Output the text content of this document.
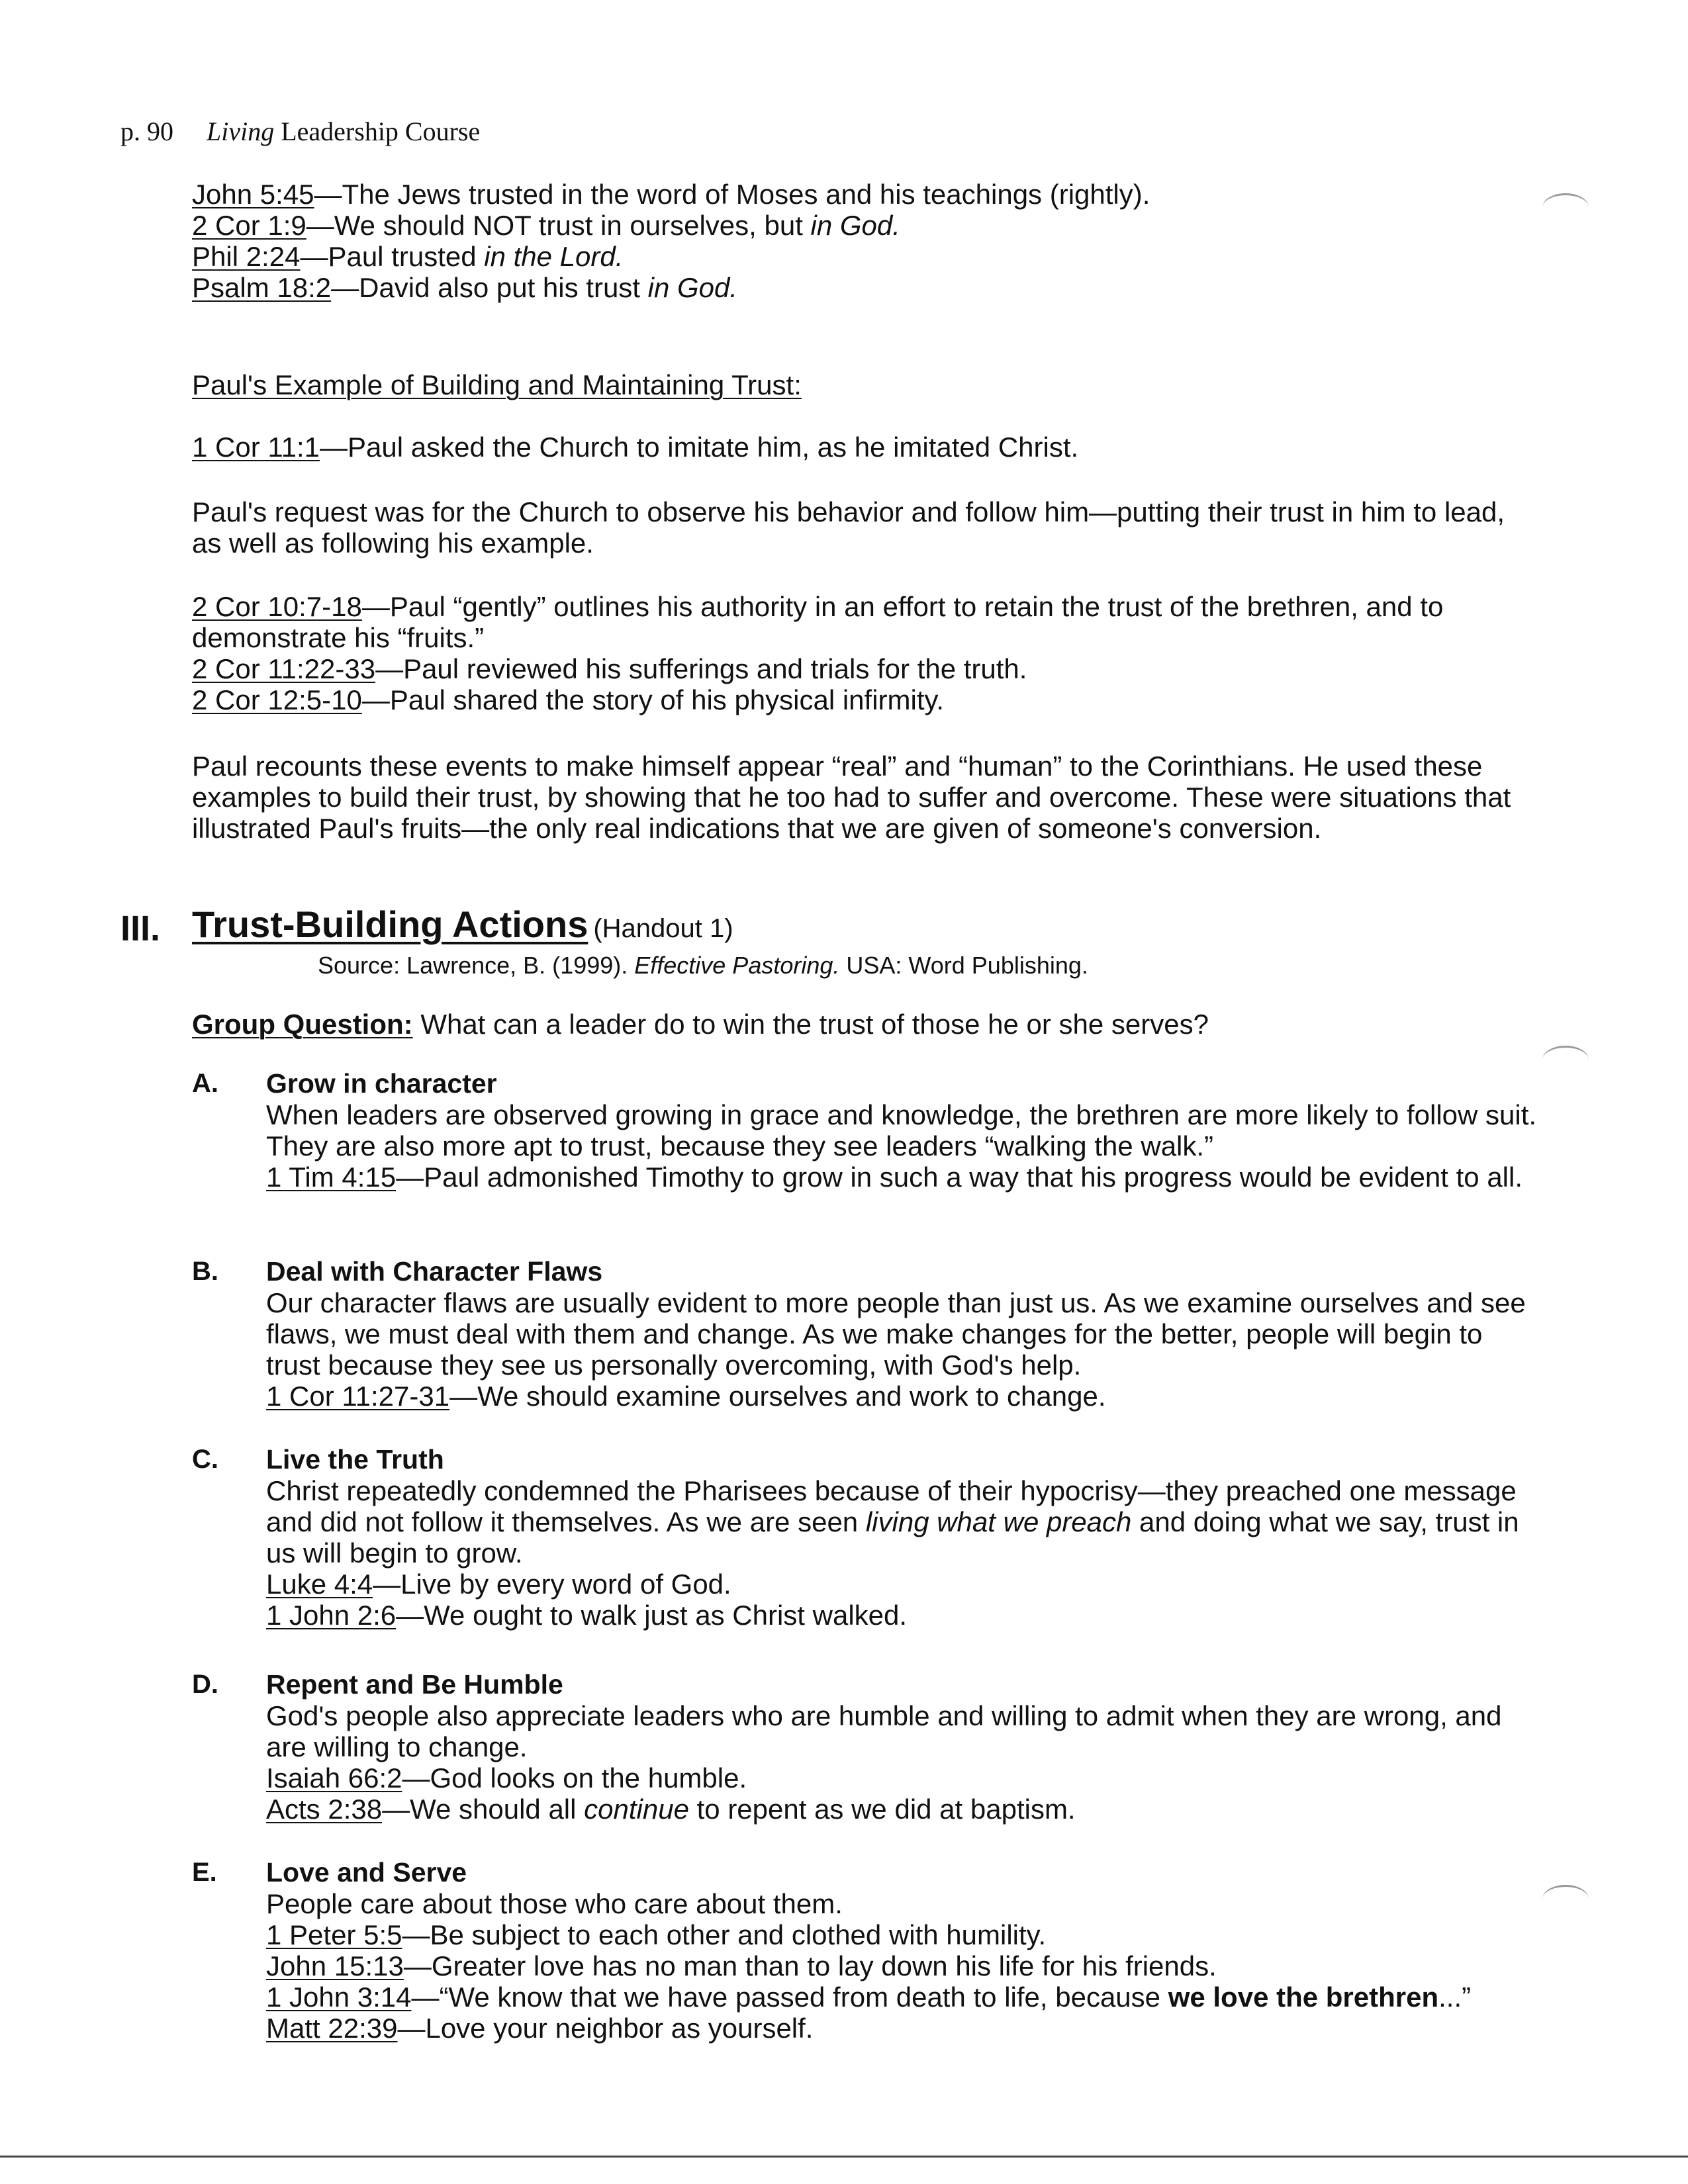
p. 90 Living Leadership Course
John 5:45—The Jews trusted in the word of Moses and his teachings (rightly).
2 Cor 1:9—We should NOT trust in ourselves, but in God.
Phil 2:24—Paul trusted in the Lord.
Psalm 18:2—David also put his trust in God.
Paul's Example of Building and Maintaining Trust:
1 Cor 11:1—Paul asked the Church to imitate him, as he imitated Christ.

Paul's request was for the Church to observe his behavior and follow him—putting their trust in him to lead, as well as following his example.

2 Cor 10:7-18—Paul “gently” outlines his authority in an effort to retain the trust of the brethren, and to demonstrate his “fruits.”
2 Cor 11:22-33—Paul reviewed his sufferings and trials for the truth.
2 Cor 12:5-10—Paul shared the story of his physical infirmity.

Paul recounts these events to make himself appear “real” and “human” to the Corinthians. He used these examples to build their trust, by showing that he too had to suffer and overcome. These were situations that illustrated Paul's fruits—the only real indications that we are given of someone's conversion.

III. Trust-Building Actions (Handout 1)
Source: Lawrence, B. (1999). Effective Pastoring. USA: Word Publishing.
Group Question: What can a leader do to win the trust of those he or she serves?
A. Grow in character

When leaders are observed growing in grace and knowledge, the brethren are more likely to follow suit. They are also more apt to trust, because they see leaders “walking the walk.”

1 Tim 4:15—Paul admonished Timothy to grow in such a way that his progress would be evident to all.
B. Deal with Character Flaws

Our character flaws are usually evident to more people than just us. As we examine ourselves and see flaws, we must deal with them and change. As we make changes for the better, people will begin to trust because they see us personally overcoming, with God's help.

1 Cor 11:27-31—We should examine ourselves and work to change.
C. Live the Truth

Christ repeatedly condemned the Pharisees because of their hypocrisy—they preached one message and did not follow it themselves. As we are seen living what we preach and doing what we say, trust in us will begin to grow.

Luke 4:4—Live by every word of God.
1 John 2:6—We ought to walk just as Christ walked.
D. Repent and Be Humble

God's people also appreciate leaders who are humble and willing to admit when they are wrong, and are willing to change.

Isaiah 66:2—God looks on the humble.
Acts 2:38—We should all continue to repent as we did at baptism.
E. Love and Serve

People care about those who care about them.

1 Peter 5:5—Be subject to each other and clothed with humility.
John 15:13—Greater love has no man than to lay down his life for his friends.
1 John 3:14—“We know that we have passed from death to life, because we love the brethren...”
Matt 22:39—Love your neighbor as yourself.
